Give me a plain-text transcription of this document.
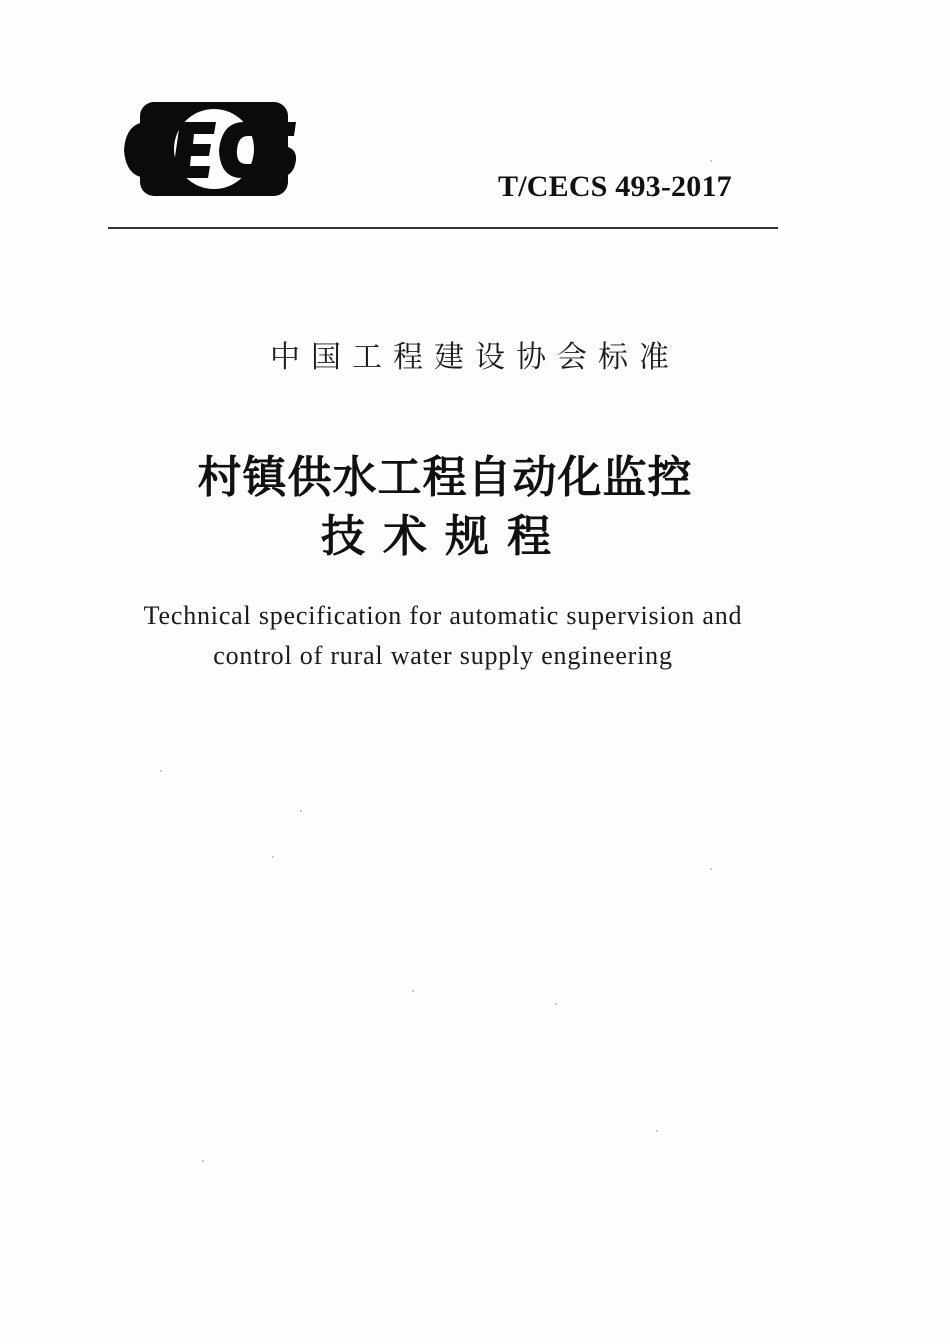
T/CECS 493-2017
中国工程建设协会标准
村镇供水工程自动化监控
技术规程
Technical specification for automatic supervision and
control of rural water supply engineering
